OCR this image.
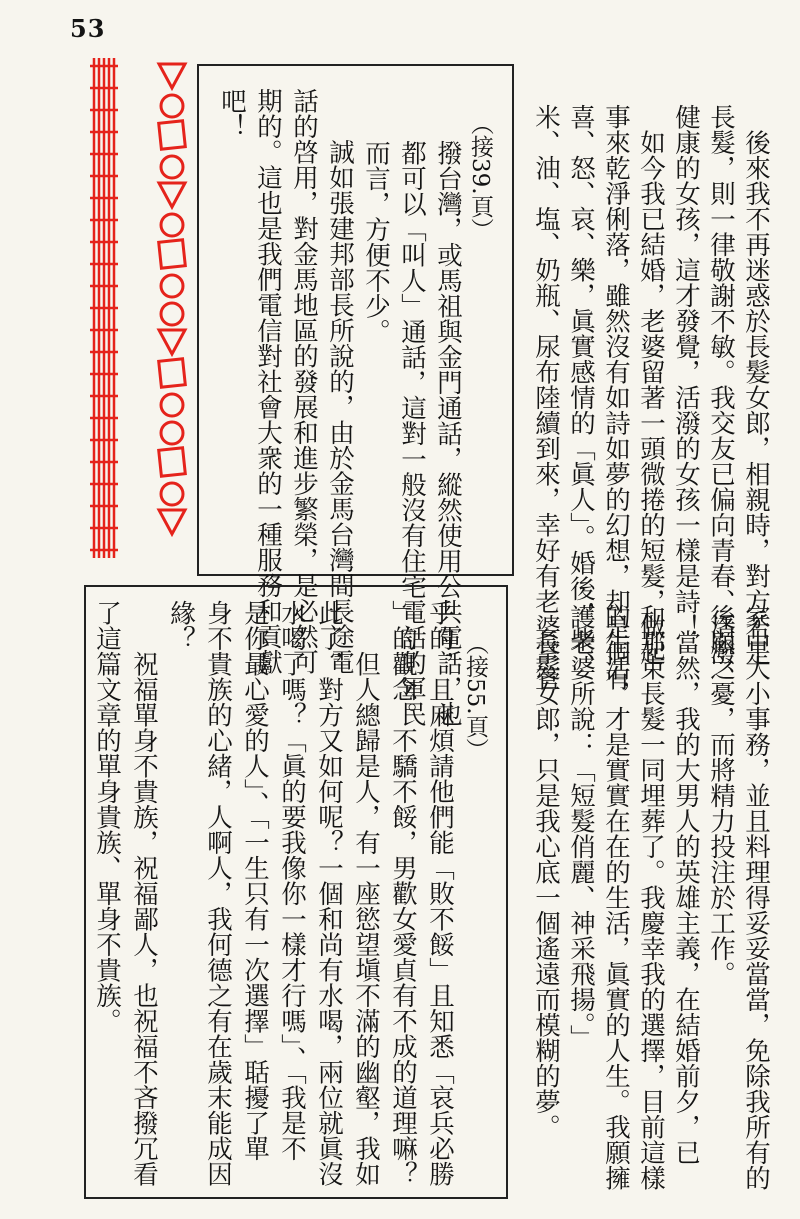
53
　後來我不再迷惑於長髮女郎，相親時，對方若是
長髮，則一律敬謝不敏。我交友已偏向青春、活潑、
健康的女孩，這才發覺，活潑的女孩一樣是詩！
　如今我已結婚，老婆留著一頭微捲的短髮，做起
事來乾淨俐落，雖然沒有如詩如夢的幻想，却是個有
喜、怒、哀、樂，眞實感情的「眞人」。婚後，柴、
米、油、塩、奶瓶、尿布陸續到來，幸好有老婆掌管
（接39.頁）
撥台灣，或馬祖與金門通話，縱然使用公共電話，也
都可以「叫人」通話，這對一般沒有住宅電話的軍民
而言，方便不少。
　　誠如張建邦部長所說的，由於金馬台灣間長途電
話的啓用，對金馬地區的發展和進步繁榮，是必然可
期的。這也是我們電信對社會大衆的一種服務和貢獻
吧！
家中大小事務，並且料理得妥妥當當，免除我所有的
後顧之憂，而將精力投注於工作。
　當然，我的大男人的英雄主義，在結婚前夕，已
和那束長髮一同埋葬了。我慶幸我的選擇，目前這樣
的生活，才是實實在在的生活，眞實的人生。我願擁
護老婆所說：「短髮俏麗、神采飛揚。」
　長髮女郎，只是我心底一個遙遠而模糊的夢。
（接55.頁）
乎的，且麻煩請他們能「敗不餒」且知悉「哀兵必勝
」的觀念。不驕不餒，男歡女愛貞有不成的道理嘛？
　　但人總歸是人，有一座慾望塡不滿的幽壑，我如
此了，對方又如何呢？一個和尚有水喝，兩位就眞沒
水喝了嗎？「眞的要我像你一樣才行嗎」、「我是不
是你最心愛的人」、「一生只有一次選擇」聒擾了單
身不貴族的心緒，人啊人，我何德之有在歲末能成因
緣？
　　祝福單身不貴族，祝福鄙人，也祝福不吝撥冗看
了這篇文章的單身貴族、單身不貴族。
